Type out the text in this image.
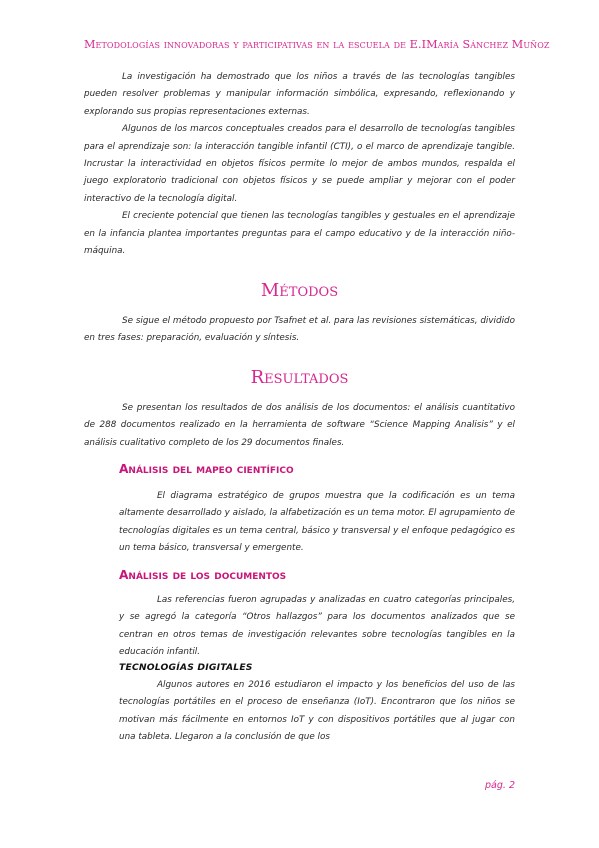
Metodologías innovadoras y participativas en la escuela de E.I María Sánchez Muñoz

La investigación ha demostrado que los niños a través de las tecnologías tangibles pueden resolver problemas y manipular información simbólica, expresando, reflexionando y explorando sus propias representaciones externas.

Algunos de los marcos conceptuales creados para el desarrollo de tecnologías tangibles para el aprendizaje son: la interacción tangible infantil (CTI), o el marco de aprendizaje tangible. Incrustar la interactividad en objetos físicos permite lo mejor de ambos mundos, respalda el juego exploratorio tradicional con objetos físicos y se puede ampliar y mejorar con el poder interactivo de la tecnología digital.

El creciente potencial que tienen las tecnologías tangibles y gestuales en el aprendizaje en la infancia plantea importantes preguntas para el campo educativo y de la interacción niño-máquina.

Métodos

Se sigue el método propuesto por Tsafnet et al. para las revisiones sistemáticas, dividido en tres fases: preparación, evaluación y síntesis.

Resultados

Se presentan los resultados de dos análisis de los documentos: el análisis cuantitativo de 288 documentos realizado en la herramienta de software “Science Mapping Analisis” y el análisis cualitativo completo de los 29 documentos finales.

Análisis del mapeo científico

El diagrama estratégico de grupos muestra que la codificación es un tema altamente desarrollado y aislado, la alfabetización es un tema motor. El agrupamiento de tecnologías digitales es un tema central, básico y transversal y el enfoque pedagógico es un tema básico, transversal y emergente.

Análisis de los documentos

Las referencias fueron agrupadas y analizadas en cuatro categorías principales, y se agregó la categoría “Otros hallazgos” para los documentos analizados que se centran en otros temas de investigación relevantes sobre tecnologías tangibles en la educación infantil.

TECNOLOGÍAS DIGITALES

Algunos autores en 2016 estudiaron el impacto y los beneficios del uso de las tecnologías portátiles en el proceso de enseñanza (IoT). Encontraron que los niños se motivan más fácilmente en entornos IoT y con dispositivos portátiles que al jugar con una tableta. Llegaron a la conclusión de que los

pág. 2
